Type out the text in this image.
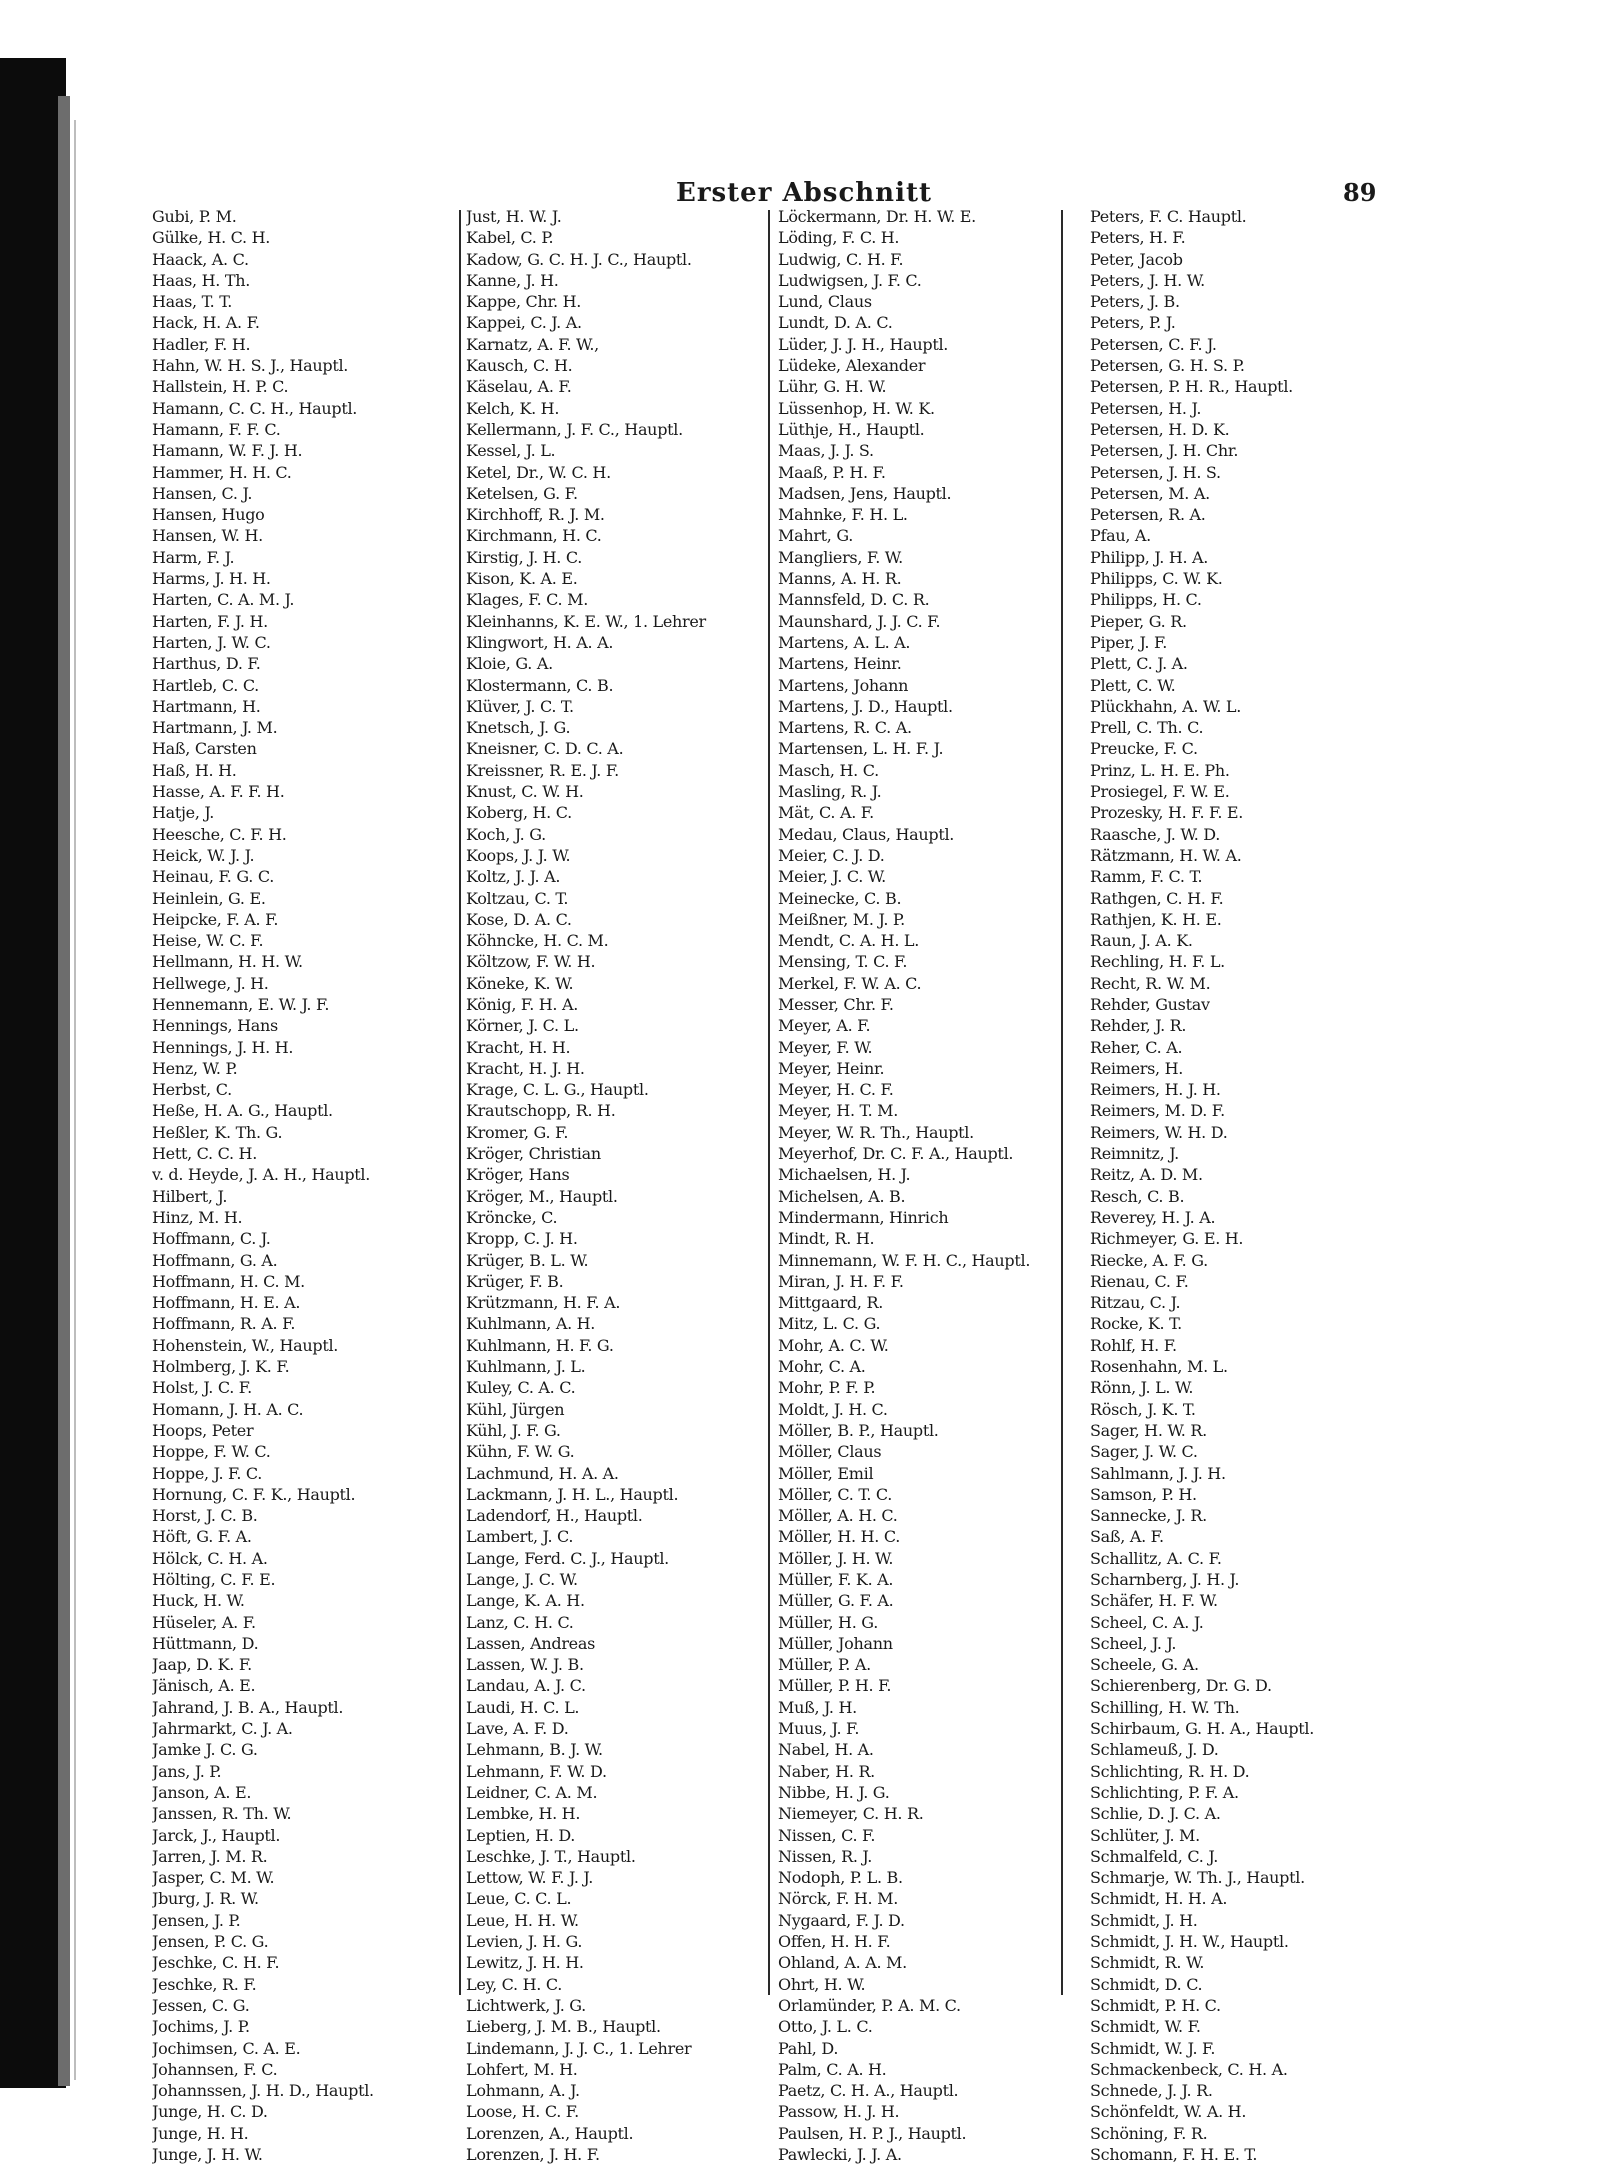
Erster Abschnitt	89
Gubi, P. M.
Gülke, H. C. H.
Haack, A. C.
Haas, H. Th.
Haas, T. T.
Hack, H. A. F.
Hadler, F. H.
Hahn, W. H. S. J., Hauptl.
Hallstein, H. P. C.
Hamann, C. C. H., Hauptl.
Hamann, F. F. C.
Hamann, W. F. J. H.
Hammer, H. H. C.
Hansen, C. J.
Hansen, Hugo
Hansen, W. H.
Harm, F. J.
Harms, J. H. H.
Harten, C. A. M. J.
Harten, F. J. H.
Harten, J. W. C.
Harthus, D. F.
Hartleb, C. C.
Hartmann, H.
Hartmann, J. M.
Haß, Carsten
Haß, H. H.
Hasse, A. F. F. H.
Hatje, J.
Heesche, C. F. H.
Heick, W. J. J.
Heinau, F. G. C.
Heinlein, G. E.
Heipcke, F. A. F.
Heise, W. C. F.
Hellmann, H. H. W.
Hellwege, J. H.
Hennemann, E. W. J. F.
Hennings, Hans
Hennings, J. H. H.
Henz, W. P.
Herbst, C.
Heße, H. A. G., Hauptl.
Heßler, K. Th. G.
Hett, C. C. H.
v. d. Heyde, J. A. H., Hauptl.
Hilbert, J.
Hinz, M. H.
Hoffmann, C. J.
Hoffmann, G. A.
Hoffmann, H. C. M.
Hoffmann, H. E. A.
Hoffmann, R. A. F.
Hohenstein, W., Hauptl.
Holmberg, J. K. F.
Holst, J. C. F.
Homann, J. H. A. C.
Hoops, Peter
Hoppe, F. W. C.
Hoppe, J. F. C.
Hornung, C. F. K., Hauptl.
Horst, J. C. B.
Höft, G. F. A.
Hölck, C. H. A.
Hölting, C. F. E.
Huck, H. W.
Hüseler, A. F.
Hüttmann, D.
Jaap, D. K. F.
Jänisch, A. E.
Jahrand, J. B. A., Hauptl.
Jahrmarkt, C. J. A.
Jamke J. C. G.
Jans, J. P.
Janson, A. E.
Janssen, R. Th. W.
Jarck, J., Hauptl.
Jarren, J. M. R.
Jasper, C. M. W.
Jburg, J. R. W.
Jensen, J. P.
Jensen, P. C. G.
Jeschke, C. H. F.
Jeschke, R. F.
Jessen, C. G.
Jochims, J. P.
Jochimsen, C. A. E.
Johannsen, F. C.
Johannssen, J. H. D., Hauptl.
Junge, H. C. D.
Junge, H. H.
Junge, J. H. W.
Just, H. W. J.
Kabel, C. P.
Kadow, G. C. H. J. C., Hauptl.
Kanne, J. H.
Kappe, Chr. H.
Kappei, C. J. A.
Karnatz, A. F. W.,
Kausch, C. H.
Käselau, A. F.
Kelch, K. H.
Kellermann, J. F. C., Hauptl.
Kessel, J. L.
Ketel, Dr., W. C. H.
Ketelsen, G. F.
Kirchhoff, R. J. M.
Kirchmann, H. C.
Kirstig, J. H. C.
Kison, K. A. E.
Klages, F. C. M.
Kleinhanns, K. E. W., 1. Lehrer
Klingwort, H. A. A.
Kloie, G. A.
Klostermann, C. B.
Klüver, J. C. T.
Knetsch, J. G.
Kneisner, C. D. C. A.
Kreissner, R. E. J. F.
Knust, C. W. H.
Koberg, H. C.
Koch, J. G.
Koops, J. J. W.
Koltz, J. J. A.
Koltzau, C. T.
Kose, D. A. C.
Köhncke, H. C. M.
Költzow, F. W. H.
Köneke, K. W.
König, F. H. A.
Körner, J. C. L.
Kracht, H. H.
Kracht, H. J. H.
Krage, C. L. G., Hauptl.
Krautschopp, R. H.
Kromer, G. F.
Kröger, Christian
Kröger, Hans
Kröger, M., Hauptl.
Kröncke, C.
Kropp, C. J. H.
Krüger, B. L. W.
Krüger, F. B.
Krützmann, H. F. A.
Kuhlmann, A. H.
Kuhlmann, H. F. G.
Kuhlmann, J. L.
Kuley, C. A. C.
Kühl, Jürgen
Kühl, J. F. G.
Kühn, F. W. G.
Lachmund, H. A. A.
Lackmann, J. H. L., Hauptl.
Ladendorf, H., Hauptl.
Lambert, J. C.
Lange, Ferd. C. J., Hauptl.
Lange, J. C. W.
Lange, K. A. H.
Lanz, C. H. C.
Lassen, Andreas
Lassen, W. J. B.
Landau, A. J. C.
Laudi, H. C. L.
Lave, A. F. D.
Lehmann, B. J. W.
Lehmann, F. W. D.
Leidner, C. A. M.
Lembke, H. H.
Leptien, H. D.
Leschke, J. T., Hauptl.
Lettow, W. F. J. J.
Leue, C. C. L.
Leue, H. H. W.
Levien, J. H. G.
Lewitz, J. H. H.
Ley, C. H. C.
Lichtwerk, J. G.
Lieberg, J. M. B., Hauptl.
Lindemann, J. J. C., 1. Lehrer
Lohfert, M. H.
Lohmann, A. J.
Loose, H. C. F.
Lorenzen, A., Hauptl.
Lorenzen, J. H. F.
Löckermann, Dr. H. W. E.
Löding, F. C. H.
Ludwig, C. H. F.
Ludwigsen, J. F. C.
Lund, Claus
Lundt, D. A. C.
Lüder, J. J. H., Hauptl.
Lüdeke, Alexander
Lühr, G. H. W.
Lüssenhop, H. W. K.
Lüthje, H., Hauptl.
Maas, J. J. S.
Maaß, P. H. F.
Madsen, Jens, Hauptl.
Mahnke, F. H. L.
Mahrt, G.
Mangliers, F. W.
Manns, A. H. R.
Mannsfeld, D. C. R.
Maunshard, J. J. C. F.
Martens, A. L. A.
Martens, Heinr.
Martens, Johann
Martens, J. D., Hauptl.
Martens, R. C. A.
Martensen, L. H. F. J.
Masch, H. C.
Masling, R. J.
Mät, C. A. F.
Medau, Claus, Hauptl.
Meier, C. J. D.
Meier, J. C. W.
Meinecke, C. B.
Meißner, M. J. P.
Mendt, C. A. H. L.
Mensing, T. C. F.
Merkel, F. W. A. C.
Messer, Chr. F.
Meyer, A. F.
Meyer, F. W.
Meyer, Heinr.
Meyer, H. C. F.
Meyer, H. T. M.
Meyer, W. R. Th., Hauptl.
Meyerhof, Dr. C. F. A., Hauptl.
Michaelsen, H. J.
Michelsen, A. B.
Mindermann, Hinrich
Mindt, R. H.
Minnemann, W. F. H. C., Hauptl.
Miran, J. H. F. F.
Mittgaard, R.
Mitz, L. C. G.
Mohr, A. C. W.
Mohr, C. A.
Mohr, P. F. P.
Moldt, J. H. C.
Möller, B. P., Hauptl.
Möller, Claus
Möller, Emil
Möller, C. T. C.
Möller, A. H. C.
Möller, H. H. C.
Möller, J. H. W.
Müller, F. K. A.
Müller, G. F. A.
Müller, H. G.
Müller, Johann
Müller, P. A.
Müller, P. H. F.
Muß, J. H.
Muus, J. F.
Nabel, H. A.
Naber, H. R.
Nibbe, H. J. G.
Niemeyer, C. H. R.
Nissen, C. F.
Nissen, R. J.
Nodoph, P. L. B.
Nörck, F. H. M.
Nygaard, F. J. D.
Offen, H. H. F.
Ohland, A. A. M.
Ohrt, H. W.
Orlamünder, P. A. M. C.
Otto, J. L. C.
Pahl, D.
Palm, C. A. H.
Paetz, C. H. A., Hauptl.
Passow, H. J. H.
Paulsen, H. P. J., Hauptl.
Pawlecki, J. J. A.
Peters, F. C. Hauptl.
Peters, H. F.
Peter, Jacob
Peters, J. H. W.
Peters, J. B.
Peters, P. J.
Petersen, C. F. J.
Petersen, G. H. S. P.
Petersen, P. H. R., Hauptl.
Petersen, H. J.
Petersen, H. D. K.
Petersen, J. H. Chr.
Petersen, J. H. S.
Petersen, M. A.
Petersen, R. A.
Pfau, A.
Philipp, J. H. A.
Philipps, C. W. K.
Philipps, H. C.
Pieper, G. R.
Piper, J. F.
Plett, C. J. A.
Plett, C. W.
Plückhahn, A. W. L.
Prell, C. Th. C.
Preucke, F. C.
Prinz, L. H. E. Ph.
Prosiegel, F. W. E.
Prozesky, H. F. F. E.
Raasche, J. W. D.
Rätzmann, H. W. A.
Ramm, F. C. T.
Rathgen, C. H. F.
Rathjen, K. H. E.
Raun, J. A. K.
Rechling, H. F. L.
Recht, R. W. M.
Rehder, Gustav
Rehder, J. R.
Reher, C. A.
Reimers, H.
Reimers, H. J. H.
Reimers, M. D. F.
Reimers, W. H. D.
Reimnitz, J.
Reitz, A. D. M.
Resch, C. B.
Reverey, H. J. A.
Richmeyer, G. E. H.
Riecke, A. F. G.
Rienau, C. F.
Ritzau, C. J.
Rocke, K. T.
Rohlf, H. F.
Rosenhahn, M. L.
Rönn, J. L. W.
Rösch, J. K. T.
Sager, H. W. R.
Sager, J. W. C.
Sahlmann, J. J. H.
Samson, P. H.
Sannecke, J. R.
Saß, A. F.
Schallitz, A. C. F.
Scharnberg, J. H. J.
Schäfer, H. F. W.
Scheel, C. A. J.
Scheel, J. J.
Scheele, G. A.
Schierenberg, Dr. G. D.
Schilling, H. W. Th.
Schirbaum, G. H. A., Hauptl.
Schlameuß, J. D.
Schlichting, R. H. D.
Schlichting, P. F. A.
Schlie, D. J. C. A.
Schlüter, J. M.
Schmalfeld, C. J.
Schmarje, W. Th. J., Hauptl.
Schmidt, H. H. A.
Schmidt, J. H.
Schmidt, J. H. W., Hauptl.
Schmidt, R. W.
Schmidt, D. C.
Schmidt, P. H. C.
Schmidt, W. F.
Schmidt, W. J. F.
Schmackenbeck, C. H. A.
Schnede, J. J. R.
Schönfeldt, W. A. H.
Schöning, F. R.
Schomann, F. H. E. T.
